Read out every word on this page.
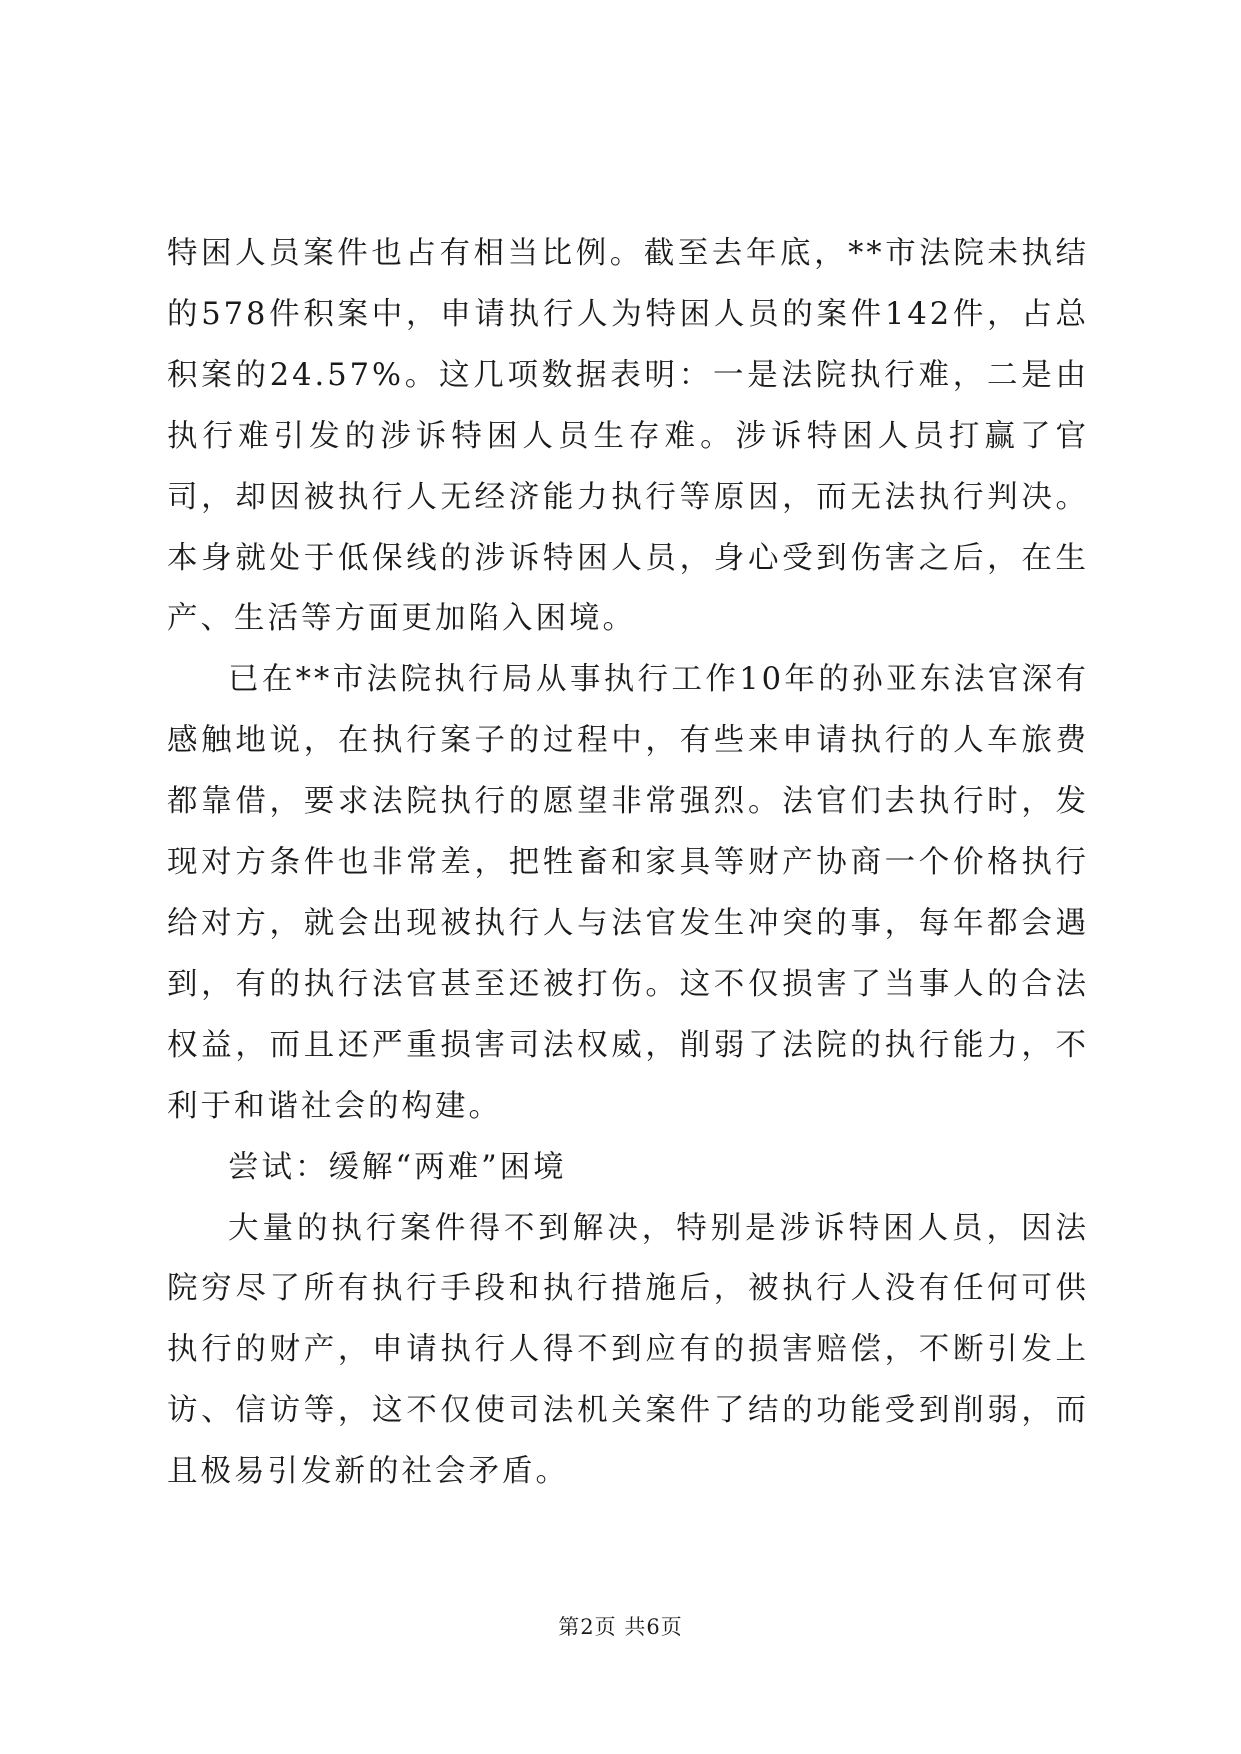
特困人员案件也占有相当比例。截至去年底，**市法院未执结的578件积案中，申请执行人为特困人员的案件142件，占总积案的24.57%。这几项数据表明：一是法院执行难，二是由执行难引发的涉诉特困人员生存难。涉诉特困人员打赢了官司，却因被执行人无经济能力执行等原因，而无法执行判决。本身就处于低保线的涉诉特困人员，身心受到伤害之后，在生产、生活等方面更加陷入困境。

已在**市法院执行局从事执行工作10年的孙亚东法官深有感触地说，在执行案子的过程中，有些来申请执行的人车旅费都靠借，要求法院执行的愿望非常强烈。法官们去执行时，发现对方条件也非常差，把牲畜和家具等财产协商一个价格执行给对方，就会出现被执行人与法官发生冲突的事，每年都会遇到，有的执行法官甚至还被打伤。这不仅损害了当事人的合法权益，而且还严重损害司法权威，削弱了法院的执行能力，不利于和谐社会的构建。

尝试：缓解“两难”困境

大量的执行案件得不到解决，特别是涉诉特困人员，因法院穷尽了所有执行手段和执行措施后，被执行人没有任何可供执行的财产，申请执行人得不到应有的损害赔偿，不断引发上访、信访等，这不仅使司法机关案件了结的功能受到削弱，而且极易引发新的社会矛盾。

第2页 共6页
